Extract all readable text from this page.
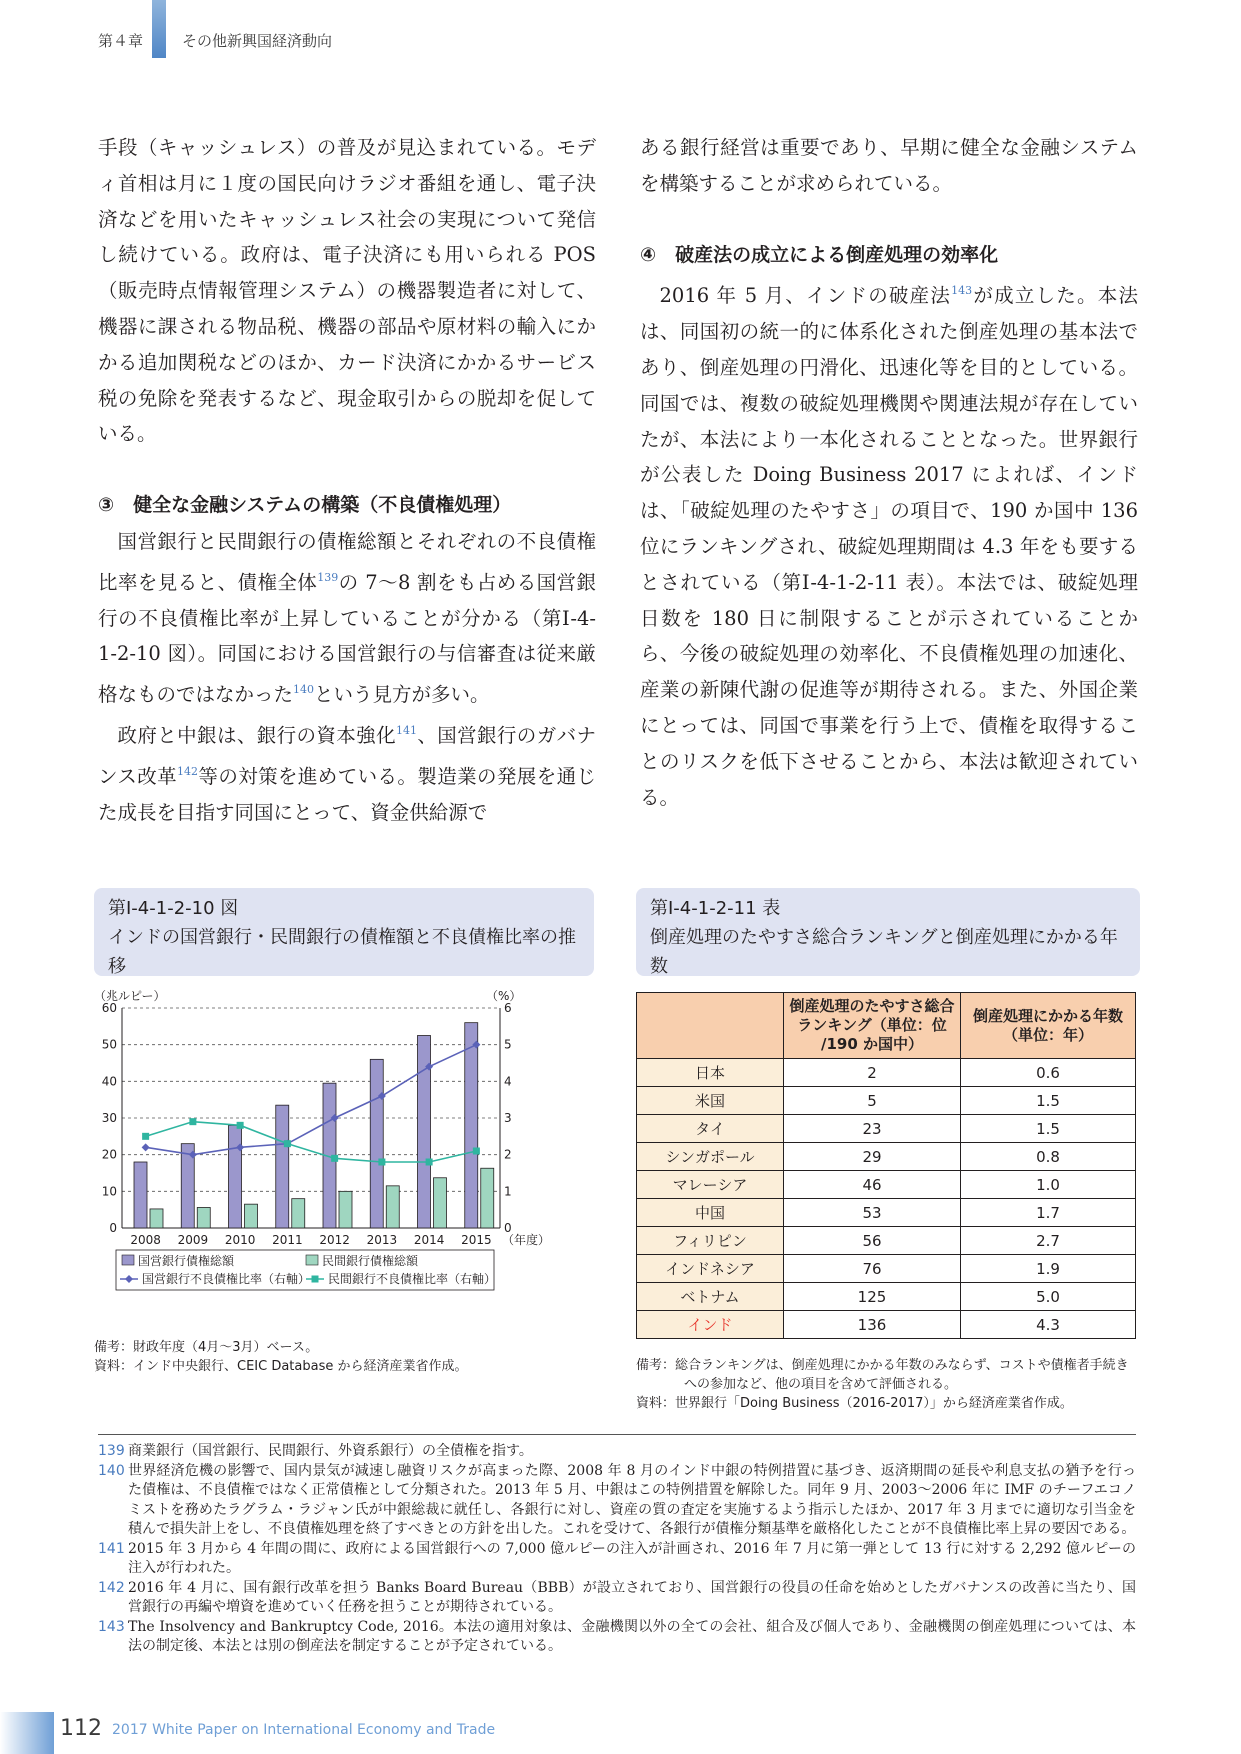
第４章	その他新興国経済動向

手段（キャッシュレス）の普及が見込まれている。モディ首相は月に１度の国民向けラジオ番組を通し、電子決済などを用いたキャッシュレス社会の実現について発信し続けている。政府は、電子決済にも用いられる POS（販売時点情報管理システム）の機器製造者に対して、機器に課される物品税、機器の部品や原材料の輸入にかかる追加関税などのほか、カード決済にかかるサービス税の免除を発表するなど、現金取引からの脱却を促している。

③　健全な金融システムの構築（不良債権処理）

国営銀行と民間銀行の債権総額とそれぞれの不良債権比率を見ると、債権全体$^{139}$の 7～8 割をも占める国営銀行の不良債権比率が上昇していることが分かる（第Ⅰ-4-1-2-10 図）。同国における国営銀行の与信審査は従来厳格なものではなかった$^{140}$という見方が多い。

政府と中銀は、銀行の資本強化$^{141}$、国営銀行のガバナンス改革$^{142}$等の対策を進めている。製造業の発展を通じた成長を目指す同国にとって、資金供給源で

ある銀行経営は重要であり、早期に健全な金融システムを構築することが求められている。

④　破産法の成立による倒産処理の効率化

2016 年 5 月、インドの破産法$^{143}$が成立した。本法は、同国初の統一的に体系化された倒産処理の基本法であり、倒産処理の円滑化、迅速化等を目的としている。同国では、複数の破綻処理機関や関連法規が存在していたが、本法により一本化されることとなった。世界銀行が公表した Doing Business 2017 によれば、インドは、「破綻処理のたやすさ」の項目で、190 か国中 136 位にランキングされ、破綻処理期間は 4.3 年をも要するとされている（第Ⅰ-4-1-2-11 表）。本法では、破綻処理日数を 180 日に制限することが示されていることから、今後の破綻処理の効率化、不良債権処理の加速化、産業の新陳代謝の促進等が期待される。また、外国企業にとっては、同国で事業を行う上で、債権を取得することのリスクを低下させることから、本法は歓迎されている。

第Ⅰ-4-1-2-10 図
インドの国営銀行・民間銀行の債権額と不良債権比率の推移
（兆ルピー）	（%）
0
10
20
30
40
50
60
0
1
2
3
4
5
6
2008 2009 2010 2011 2012 2013 2014 2015 （年度）
国営銀行債権総額	民間銀行債権総額
国営銀行不良債権比率（右軸） 民間銀行不良債権比率（右軸）
備考：財政年度（4月～3月）ベース。
資料：インド中央銀行、CEIC Database から経済産業省作成。
第Ⅰ-4-1-2-11 表
倒産処理のたやすさ総合ランキングと倒産処理にかかる年数
	倒産処理のたやすさ総合ランキング（単位：位 /190 か国中）	倒産処理にかかる年数（単位：年）
日本	2	0.6
米国	5	1.5
タイ	23	1.5
シンガポール	29	0.8
マレーシア	46	1.0
中国	53	1.7
フィリピン	56	2.7
インドネシア	76	1.9
ベトナム	125	5.0
インド	136	4.3
備考：総合ランキングは、倒産処理にかかる年数のみならず、コストや債権者手続きへの参加など、他の項目を含めて評価される。
資料：世界銀行「Doing Business（2016-2017）」から経済産業省作成。
139 商業銀行（国営銀行、民間銀行、外資系銀行）の全債権を指す。
140 世界経済危機の影響で、国内景気が減速し融資リスクが高まった際、2008 年 8 月のインド中銀の特例措置に基づき、返済期間の延長や利息支払の猶予を行った債権は、不良債権ではなく正常債権として分類された。2013 年 5 月、中銀はこの特例措置を解除した。同年 9 月、2003～2006 年に IMF のチーフエコノミストを務めたラグラム・ラジャン氏が中銀総裁に就任し、各銀行に対し、資産の質の査定を実施するよう指示したほか、2017 年 3 月までに適切な引当金を積んで損失計上をし、不良債権処理を終了すべきとの方針を出した。これを受けて、各銀行が債権分類基準を厳格化したことが不良債権比率上昇の要因である。
141 2015 年 3 月から 4 年間の間に、政府による国営銀行への 7,000 億ルピーの注入が計画され、2016 年 7 月に第一弾として 13 行に対する 2,292 億ルピーの注入が行われた。
142 2016 年 4 月に、国有銀行改革を担う Banks Board Bureau（BBB）が設立されており、国営銀行の役員の任命を始めとしたガバナンスの改善に当たり、国営銀行の再編や増資を進めていく任務を担うことが期待されている。
143 The Insolvency and Bankruptcy Code, 2016。本法の適用対象は、金融機関以外の全ての会社、組合及び個人であり、金融機関の倒産処理については、本法の制定後、本法とは別の倒産法を制定することが予定されている。
112 2017 White Paper on International Economy and Trade
